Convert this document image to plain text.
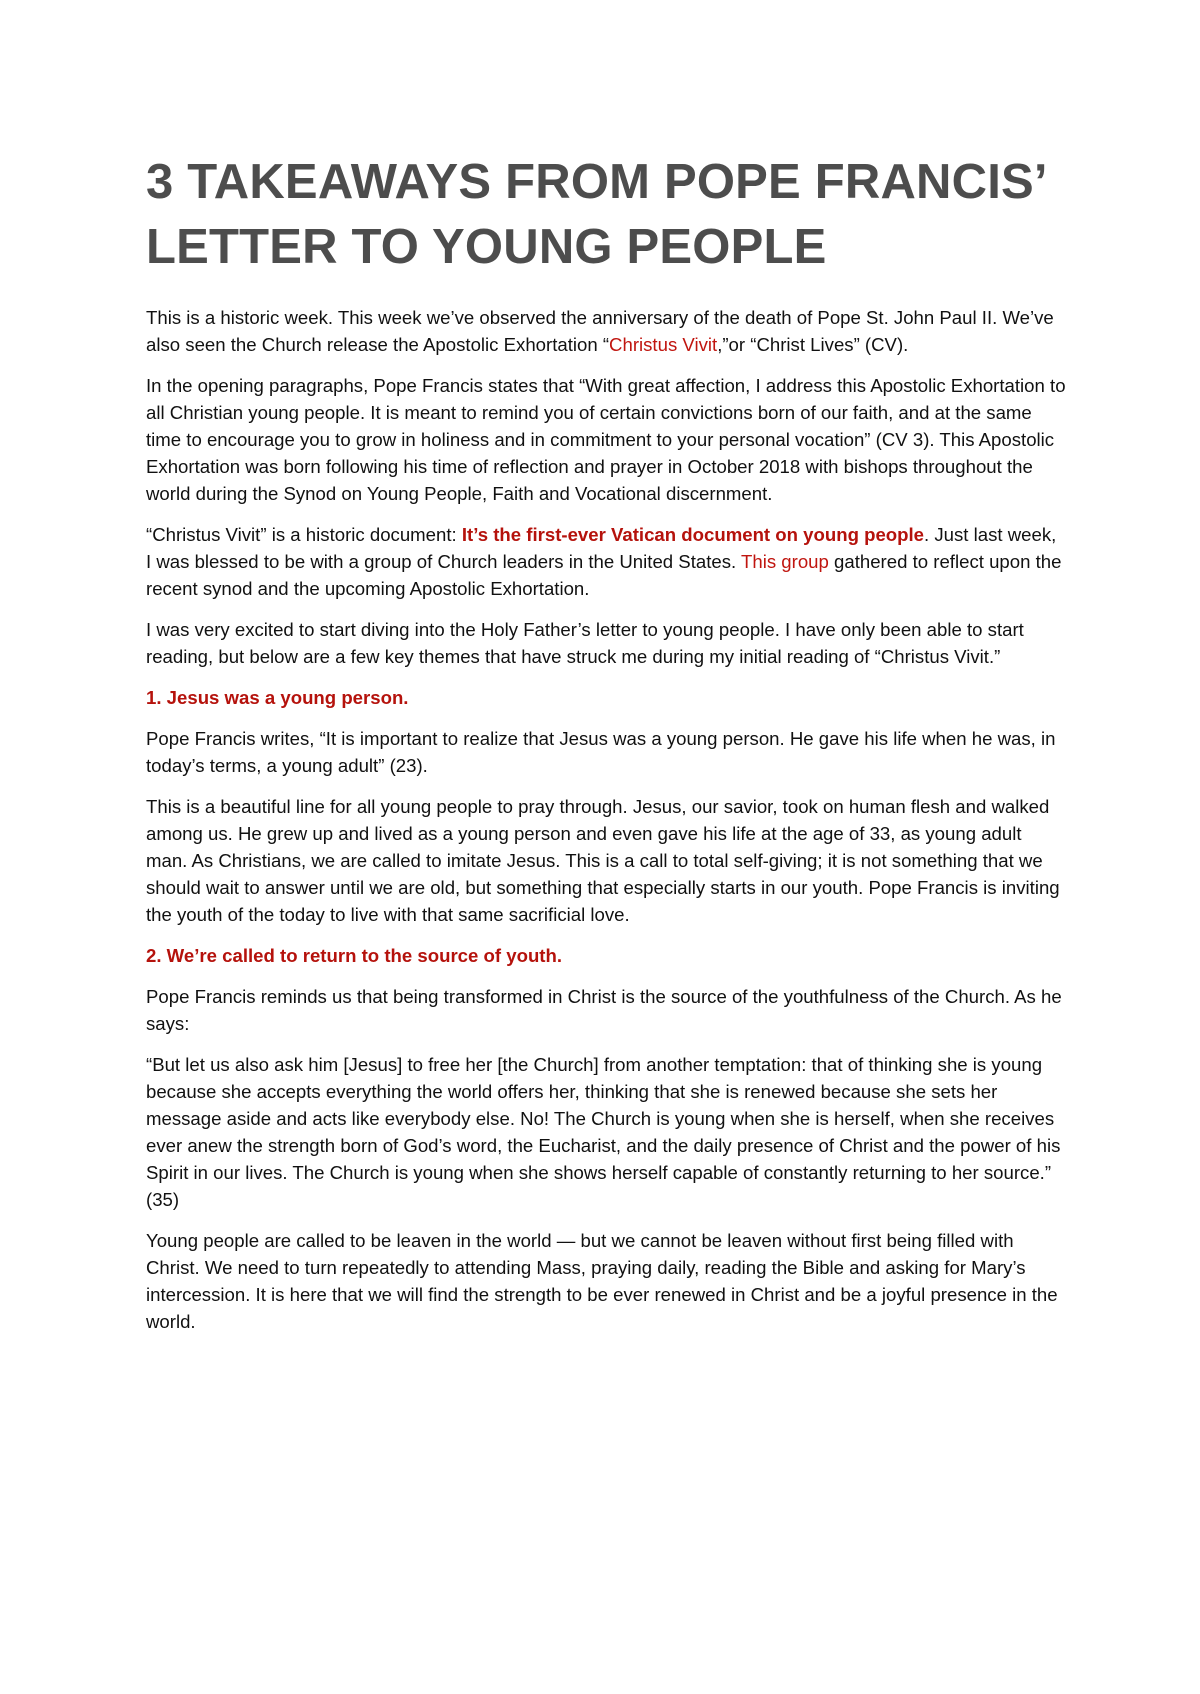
3 TAKEAWAYS FROM POPE FRANCIS’ LETTER TO YOUNG PEOPLE

This is a historic week. This week we’ve observed the anniversary of the death of Pope St. John Paul II. We’ve also seen the Church release the Apostolic Exhortation “Christus Vivit,”or “Christ Lives” (CV).

In the opening paragraphs, Pope Francis states that “With great affection, I address this Apostolic Exhortation to all Christian young people. It is meant to remind you of certain convictions born of our faith, and at the same time to encourage you to grow in holiness and in commitment to your personal vocation” (CV 3). This Apostolic Exhortation was born following his time of reflection and prayer in October 2018 with bishops throughout the world during the Synod on Young People, Faith and Vocational discernment.

“Christus Vivit” is a historic document: It’s the first-ever Vatican document on young people. Just last week, I was blessed to be with a group of Church leaders in the United States. This group gathered to reflect upon the recent synod and the upcoming Apostolic Exhortation.

I was very excited to start diving into the Holy Father’s letter to young people. I have only been able to start reading, but below are a few key themes that have struck me during my initial reading of “Christus Vivit.”

1. Jesus was a young person.

Pope Francis writes, “It is important to realize that Jesus was a young person. He gave his life when he was, in today’s terms, a young adult” (23).

This is a beautiful line for all young people to pray through. Jesus, our savior, took on human flesh and walked among us. He grew up and lived as a young person and even gave his life at the age of 33, as young adult man. As Christians, we are called to imitate Jesus. This is a call to total self-giving; it is not something that we should wait to answer until we are old, but something that especially starts in our youth. Pope Francis is inviting the youth of the today to live with that same sacrificial love.

2. We’re called to return to the source of youth.

Pope Francis reminds us that being transformed in Christ is the source of the youthfulness of the Church. As he says:

“But let us also ask him [Jesus] to free her [the Church] from another temptation: that of thinking she is young because she accepts everything the world offers her, thinking that she is renewed because she sets her message aside and acts like everybody else. No! The Church is young when she is herself, when she receives ever anew the strength born of God’s word, the Eucharist, and the daily presence of Christ and the power of his Spirit in our lives. The Church is young when she shows herself capable of constantly returning to her source.” (35)

Young people are called to be leaven in the world — but we cannot be leaven without first being filled with Christ. We need to turn repeatedly to attending Mass, praying daily, reading the Bible and asking for Mary’s intercession. It is here that we will find the strength to be ever renewed in Christ and be a joyful presence in the world.
